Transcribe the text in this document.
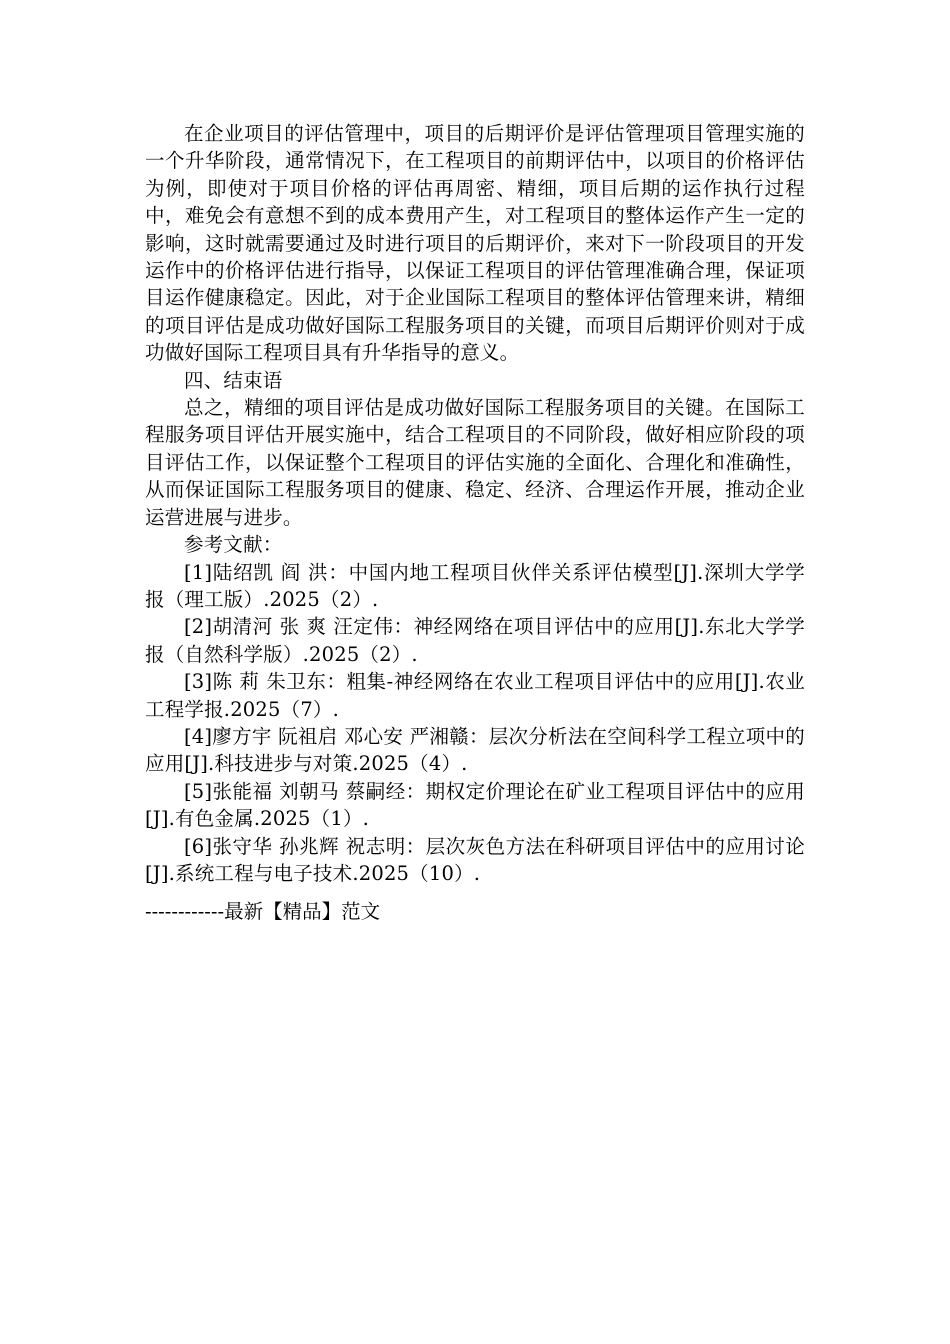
在企业项目的评估管理中，项目的后期评价是评估管理项目管理实施的一个升华阶段，通常情况下，在工程项目的前期评估中，以项目的价格评估为例，即使对于项目价格的评估再周密、精细，项目后期的运作执行过程中，难免会有意想不到的成本费用产生，对工程项目的整体运作产生一定的影响，这时就需要通过及时进行项目的后期评价，来对下一阶段项目的开发运作中的价格评估进行指导，以保证工程项目的评估管理准确合理，保证项目运作健康稳定。因此，对于企业国际工程项目的整体评估管理来讲，精细的项目评估是成功做好国际工程服务项目的关键，而项目后期评价则对于成功做好国际工程项目具有升华指导的意义。

四、结束语

总之，精细的项目评估是成功做好国际工程服务项目的关键。在国际工程服务项目评估开展实施中，结合工程项目的不同阶段，做好相应阶段的项目评估工作，以保证整个工程项目的评估实施的全面化、合理化和准确性，从而保证国际工程服务项目的健康、稳定、经济、合理运作开展，推动企业运营进展与进步。

参考文献：

[1]陆绍凯 阎 洪：中国内地工程项目伙伴关系评估模型[J].深圳大学学报（理工版）.2025（2）.

[2]胡清河 张 爽 汪定伟：神经网络在项目评估中的应用[J].东北大学学报（自然科学版）.2025（2）.

[3]陈 莉 朱卫东：粗集-神经网络在农业工程项目评估中的应用[J].农业工程学报.2025（7）.

[4]廖方宇 阮祖启 邓心安 严湘赣：层次分析法在空间科学工程立项中的应用[J].科技进步与对策.2025（4）.

[5]张能福 刘朝马 蔡嗣经：期权定价理论在矿业工程项目评估中的应用[J].有色金属.2025（1）.

[6]张守华 孙兆辉 祝志明：层次灰色方法在科研项目评估中的应用讨论[J].系统工程与电子技术.2025（10）.

------------最新【精品】范文
